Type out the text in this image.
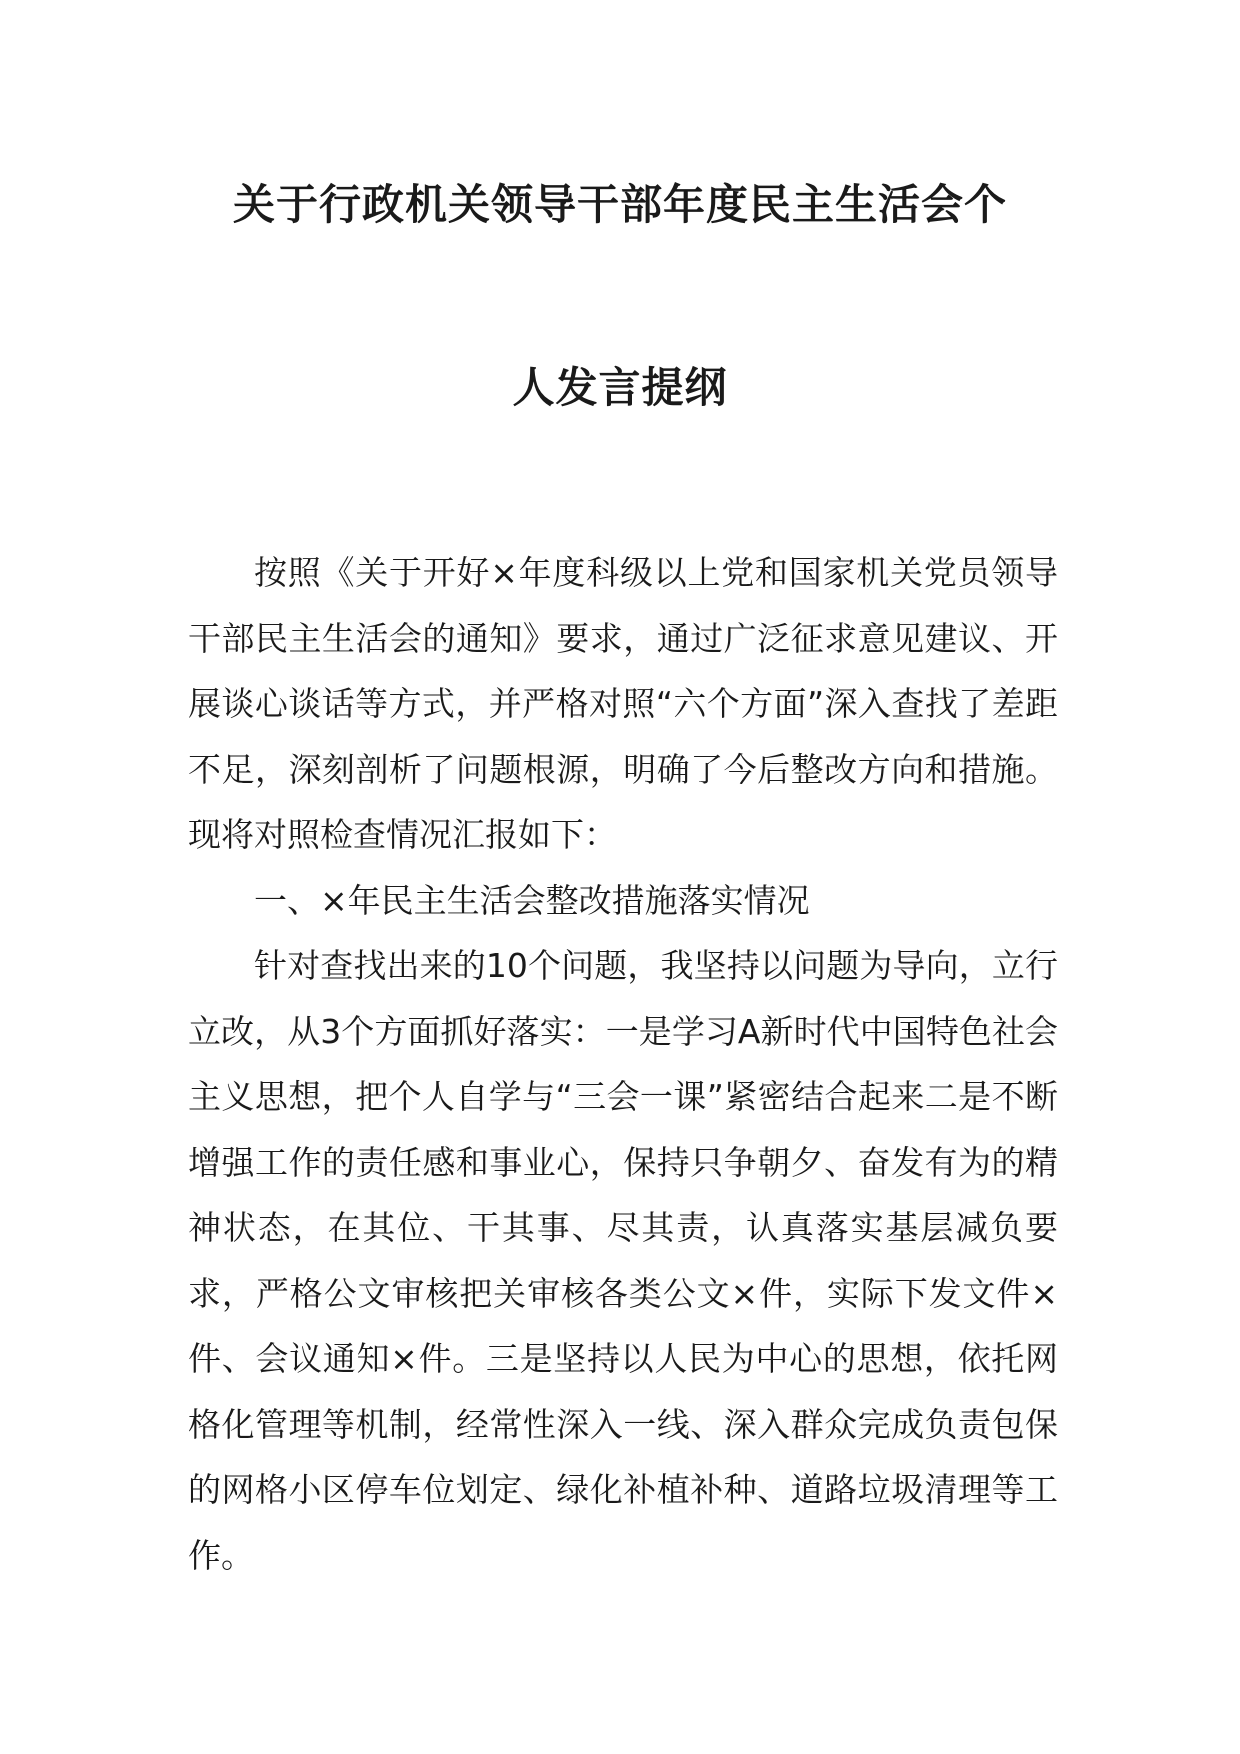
关于行政机关领导干部年度民主生活会个
人发言提纲

按照《关于开好×年度科级以上党和国家机关党员领导干部民主生活会的通知》要求，通过广泛征求意见建议、开展谈心谈话等方式，并严格对照“六个方面”深入查找了差距不足，深刻剖析了问题根源，明确了今后整改方向和措施。现将对照检查情况汇报如下：

一、×年民主生活会整改措施落实情况

针对查找出来的10个问题，我坚持以问题为导向，立行立改，从3个方面抓好落实：一是学习A新时代中国特色社会主义思想，把个人自学与“三会一课”紧密结合起来二是不断增强工作的责任感和事业心，保持只争朝夕、奋发有为的精神状态，在其位、干其事、尽其责，认真落实基层减负要求，严格公文审核把关审核各类公文×件，实际下发文件×件、会议通知×件。三是坚持以人民为中心的思想，依托网格化管理等机制，经常性深入一线、深入群众完成负责包保的网格小区停车位划定、绿化补植补种、道路垃圾清理等工作。
